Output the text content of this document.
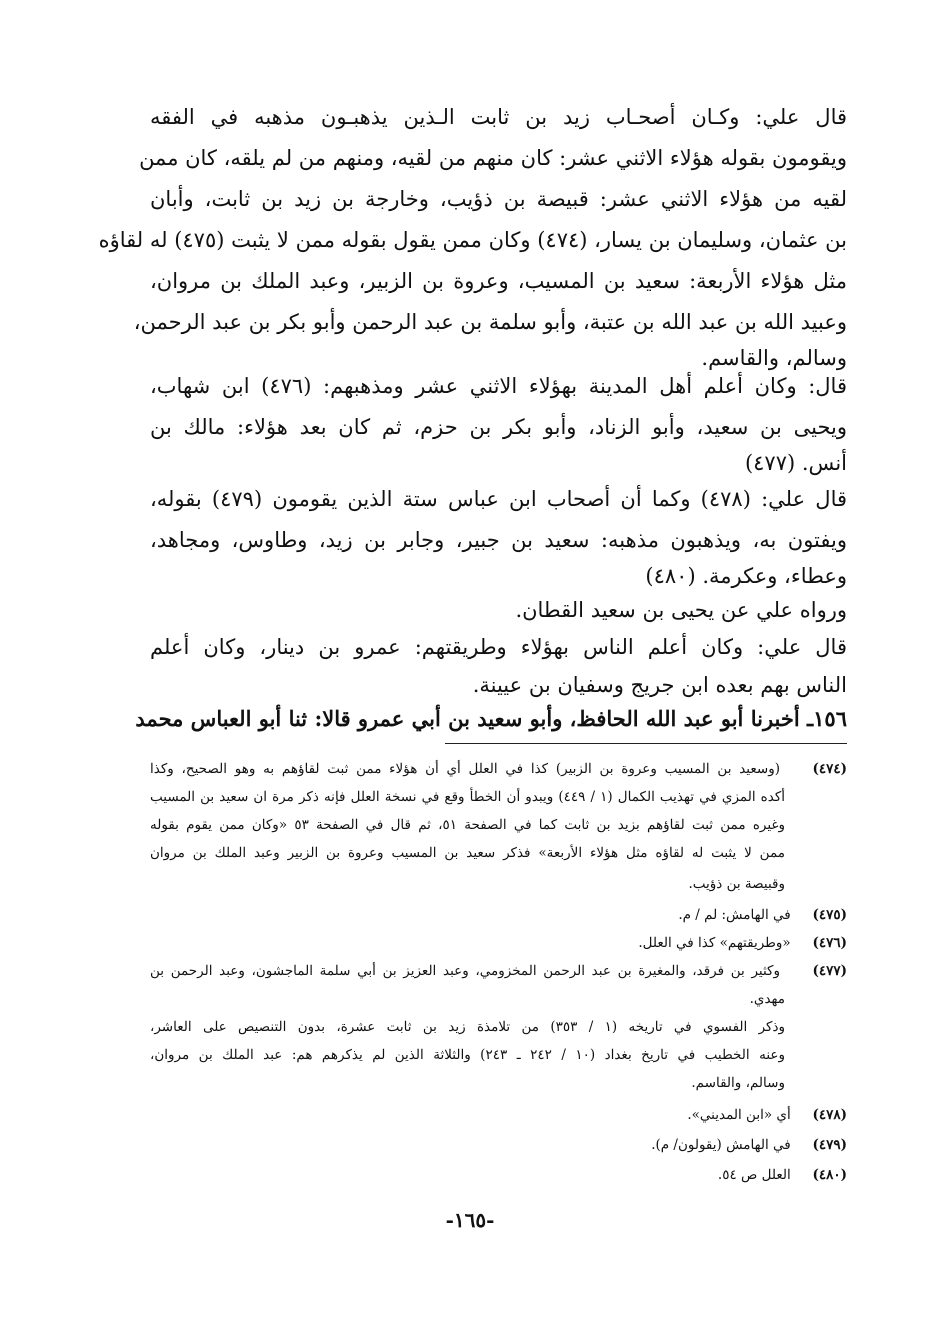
قال علي: وكـان أصحـاب زيد بن ثابت الـذين يذهبـون مذهبه في الفقه
ويقومون بقوله هؤلاء الاثني عشر: كان منهم من لقيه، ومنهم من لم يلقه، كان ممن
لقيه من هؤلاء الاثني عشر: قبيصة بن ذؤيب، وخارجة بن زيد بن ثابت، وأبان
بن عثمان، وسليمان بن يسار، (٤٧٤) وكان ممن يقول بقوله ممن لا يثبت (٤٧٥) له لقاؤه
مثل هؤلاء الأربعة: سعيد بن المسيب، وعروة بن الزبير، وعبد الملك بن مروان،
وعبيد الله بن عبد الله بن عتبة، وأبو سلمة بن عبد الرحمن وأبو بكر بن عبد الرحمن،
وسالم، والقاسم.
قال: وكان أعلم أهل المدينة بهؤلاء الاثني عشر ومذهبهم: (٤٧٦) ابن شهاب،
ويحيى بن سعيد، وأبو الزناد، وأبو بكر بن حزم، ثم كان بعد هؤلاء: مالك بن
أنس. (٤٧٧)
قال علي: (٤٧٨) وكما أن أصحاب ابن عباس ستة الذين يقومون (٤٧٩) بقوله،
ويفتون به، ويذهبون مذهبه: سعيد بن جبير، وجابر بن زيد، وطاوس، ومجاهد،
وعطاء، وعكرمة. (٤٨٠)
ورواه علي عن يحيى بن سعيد القطان.
قال علي: وكان أعلم الناس بهؤلاء وطريقتهم: عمرو بن دينار، وكان أعلم
الناس بهم بعده ابن جريج وسفيان بن عيينة.
١٥٦ـ أخبرنا أبو عبد الله الحافظ، وأبو سعيد بن أبي عمرو قالا: ثنا أبو العباس محمد
(٤٧٤) (وسعيد بن المسيب وعروة بن الزبير) كذا في العلل أي أن هؤلاء ممن ثبت لقاؤهم به وهو الصحيح، وكذا
أكده المزي في تهذيب الكمال (١ / ٤٤٩) ويبدو أن الخطأ وقع في نسخة العلل فإنه ذكر مرة ان سعيد بن المسيب
وغيره ممن ثبت لقاؤهم بزيد بن ثابت كما في الصفحة ٥١، ثم قال في الصفحة ٥٣ «وكان ممن يقوم بقوله
ممن لا يثبت له لقاؤه مثل هؤلاء الأربعة» فذكر سعيد بن المسيب وعروة بن الزبير وعبد الملك بن مروان
وقبيصة بن ذؤيب.
(٤٧٥) في الهامش: لم / م.
(٤٧٦) «وطريقتهم» كذا في العلل.
(٤٧٧) وكثير بن فرقد، والمغيرة بن عبد الرحمن المخزومي، وعبد العزيز بن أبي سلمة الماجشون، وعبد الرحمن بن
مهدي.
وذكر الفسوي في تاريخه (١ / ٣٥٣) من تلامذة زيد بن ثابت عشرة، بدون التنصيص على العاشر،
وعنه الخطيب في تاريخ بغداد (١٠ / ٢٤٢ ـ ٢٤٣) والثلاثة الذين لم يذكرهم هم: عبد الملك بن مروان،
وسالم، والقاسم.
(٤٧٨) أي «ابن المديني».
(٤٧٩) في الهامش (يقولون/ م).
(٤٨٠) العلل ص ٥٤.
-١٦٥-
